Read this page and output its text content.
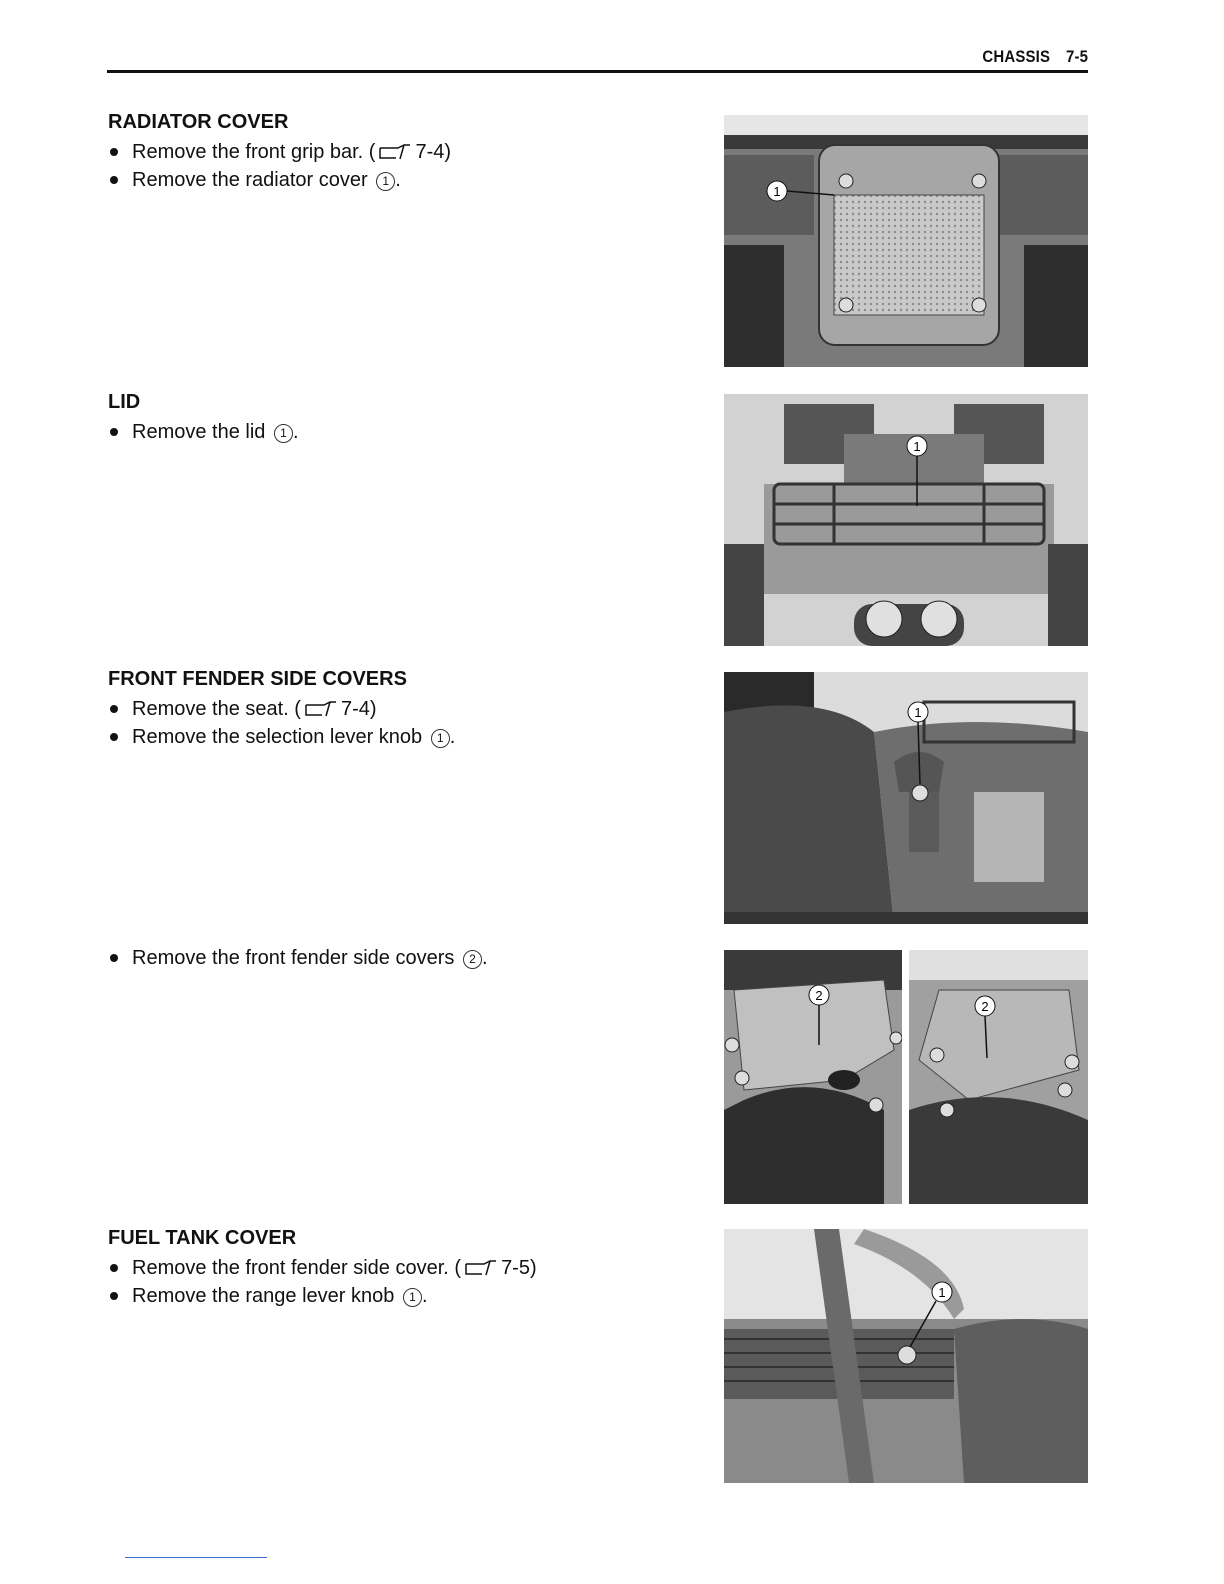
CHASSIS 7-5
RADIATOR COVER
Remove the front grip bar. ( 7-4)
Remove the radiator cover 1 .
LID
Remove the lid 1 .
FRONT FENDER SIDE COVERS
Remove the seat. ( 7-4)
Remove the selection lever knob 1 .
Remove the front fender side covers 2 .
FUEL TANK COVER
Remove the front fender side cover. ( 7-5)
Remove the range lever knob 1 .
1
1
1
2
2
1
